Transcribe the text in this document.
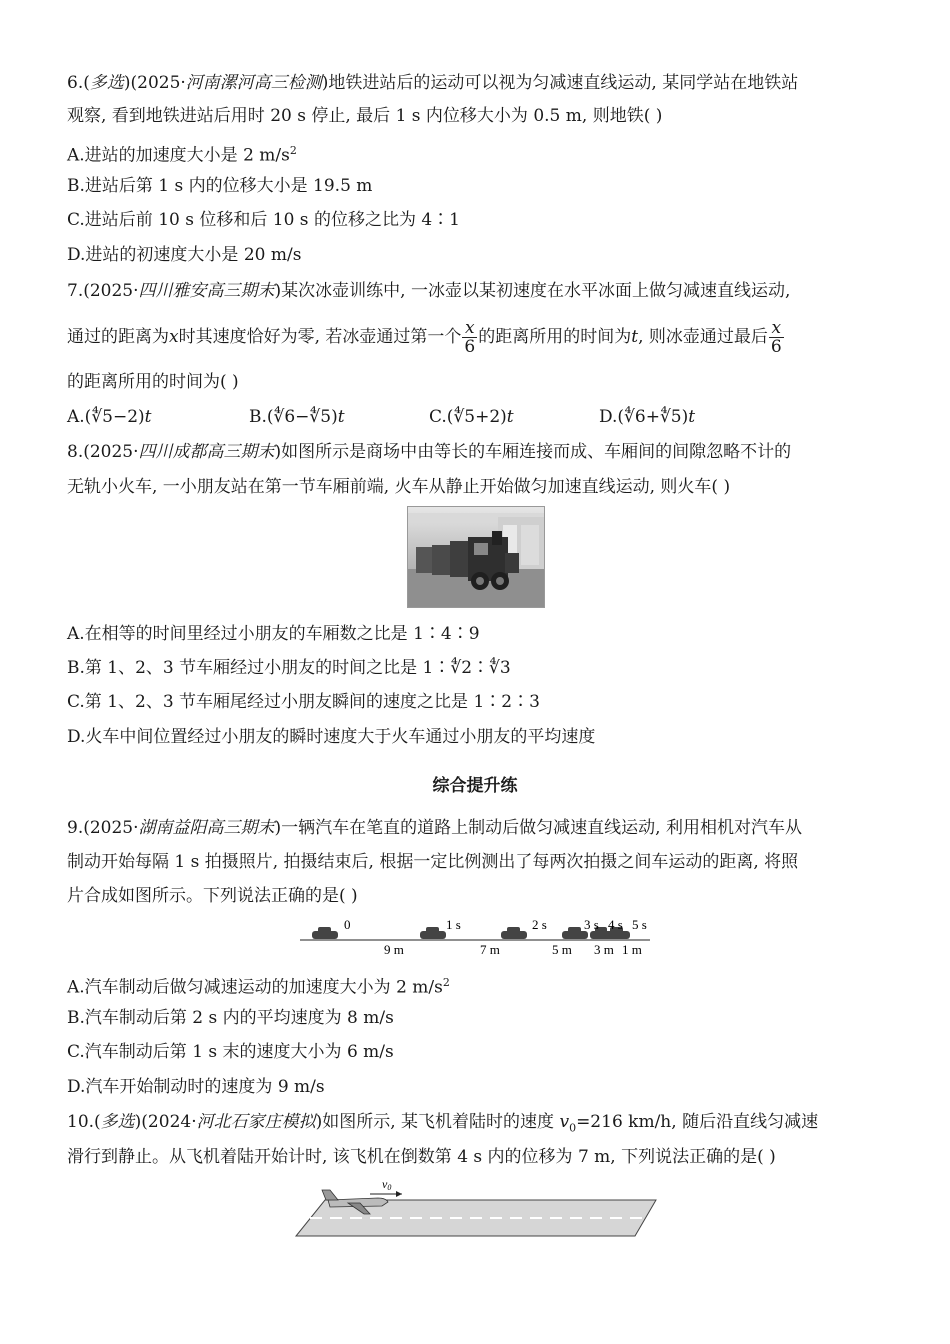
6.(多选)(2025·河南漯河高三检测)地铁进站后的运动可以视为匀减速直线运动, 某同学站在地铁站
观察, 看到地铁进站后用时 20 s 停止, 最后 1 s 内位移大小为 0.5 m, 则地铁( )
A.进站的加速度大小是 2 $m/s^2$
B.进站后第 1 s 内的位移大小是 19.5 m
C.进站后前 10 s 位移和后 10 s 的位移之比为 4∶1
D.进站的初速度大小是 20 m/s
7.(2025·四川雅安高三期末)某次冰壶训练中, 一冰壶以某初速度在水平冰面上做匀减速直线运动,
通过的距离为x时其速度恰好为零, 若冰壶通过第一个 $\frac{x}{6}$ 的距离所用的时间为t, 则冰壶通过最后 $\frac{x}{6}$
的距离所用的时间为( )
A.(∜5−2)t	B.(∜6−∜5)t	C.(∜5+2)t	D.(∜6+∜5)t
8.(2025·四川成都高三期末)如图所示是商场中由等长的车厢连接而成、车厢间的间隙忽略不计的
无轨小火车, 一小朋友站在第一节车厢前端, 火车从静止开始做匀加速直线运动, 则火车( )
A.在相等的时间里经过小朋友的车厢数之比是 1∶4∶9
B.第 1、2、3 节车厢经过小朋友的时间之比是 1∶∜2∶∜3
C.第 1、2、3 节车厢尾经过小朋友瞬间的速度之比是 1∶2∶3
D.火车中间位置经过小朋友的瞬时速度大于火车通过小朋友的平均速度
综合提升练
9.(2025·湖南益阳高三期末)一辆汽车在笔直的道路上制动后做匀减速直线运动, 利用相机对汽车从
制动开始每隔 1 s 拍摄照片, 拍摄结束后, 根据一定比例测出了每两次拍摄之间车运动的距离, 将照
片合成如图所示。下列说法正确的是( )
0	1 s	2 s	3 s 4 s 5 s
9 m	7 m	5 m 3 m 1 m
A.汽车制动后做匀减速运动的加速度大小为 2 $m/s^2$
B.汽车制动后第 2 s 内的平均速度为 8 m/s
C.汽车制动后第 1 s 末的速度大小为 6 m/s
D.汽车开始制动时的速度为 9 m/s
10.(多选)(2024·河北石家庄模拟)如图所示, 某飞机着陆时的速度 $v_0=216$ km/h, 随后沿直线匀减速
滑行到静止。从飞机着陆开始计时, 该飞机在倒数第 4 s 内的位移为 7 m, 下列说法正确的是( )
v0
